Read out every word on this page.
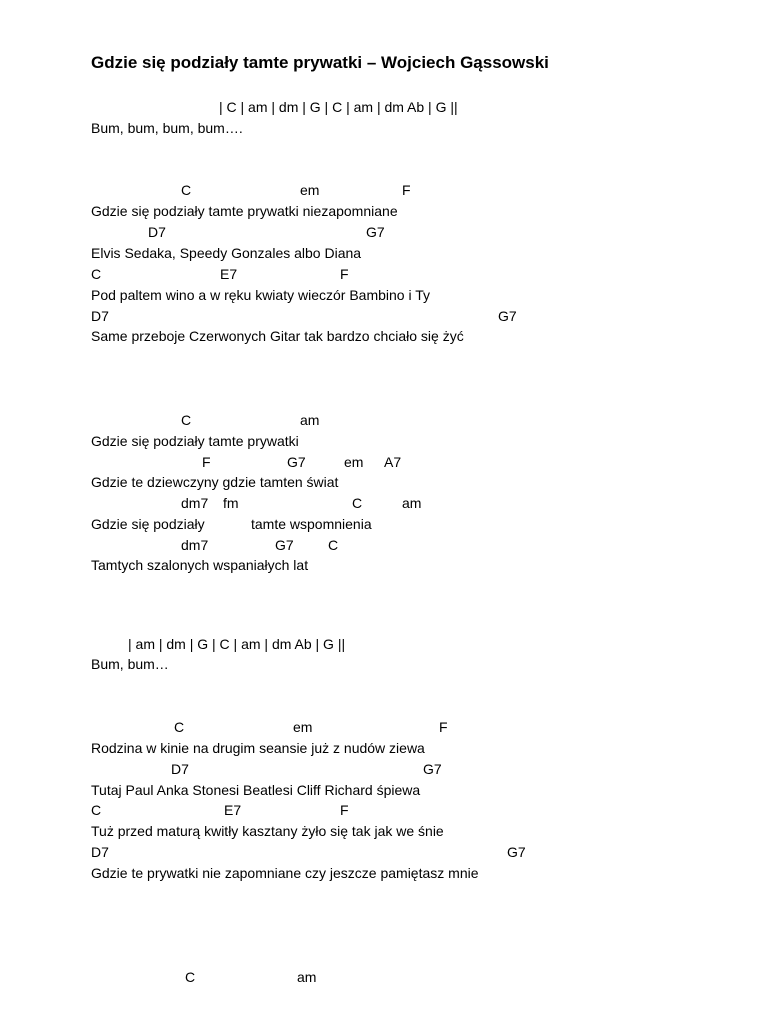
Gdzie się podziały tamte prywatki – Wojciech Gąssowski
| C | am | dm | G | C | am | dm Ab | G ||
Bum, bum, bum, bum….
C	em	F
Gdzie się podziały tamte prywatki niezapomniane
D7	G7
Elvis Sedaka, Speedy Gonzales albo Diana
C	E7	F
Pod paltem wino a w ręku kwiaty wieczór Bambino i Ty
D7	G7
Same przeboje Czerwonych Gitar tak bardzo chciało się żyć
C	am
Gdzie się podziały tamte prywatki
F	G7	em A7
Gdzie te dziewczyny gdzie tamten świat
dm7 fm	C	am
Gdzie się podziały	tamte wspomnienia
dm7	G7 C
Tamtych szalonych wspaniałych lat
| am | dm | G | C | am | dm Ab | G ||
Bum, bum…
C	em	F
Rodzina w kinie na drugim seansie już z nudów ziewa
D7	G7
Tutaj Paul Anka Stonesi Beatlesi Cliff Richard śpiewa
C	E7	F
Tuż przed maturą kwitły kasztany żyło się tak jak we śnie
D7	G7
Gdzie te prywatki nie zapomniane czy jeszcze pamiętasz mnie
C	am
